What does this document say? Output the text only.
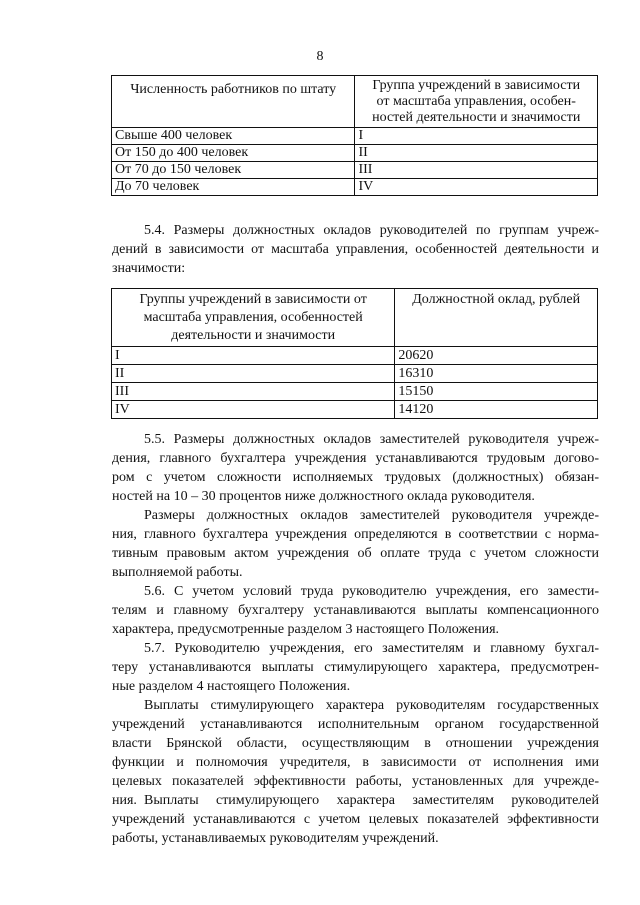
8
Численность работников по штату	Группа учреждений в зависимости
от масштаба управления, особен-
ностей деятельности и значимости

Свыше 400 человек	I
От 150 до 400 человек	II
От 70 до 150 человек	III
До 70 человек	IV
5.4. Размеры должностных окладов руководителей по группам учреж-
дений в зависимости от масштаба управления, особенностей деятельности и
значимости:
Группы учреждений в зависимости от
масштаба управления, особенностей
деятельности и значимости	Должностной оклад, рублей
I	20620
II	16310
III	15150
IV	14120
5.5. Размеры должностных окладов заместителей руководителя учреж-
дения, главного бухгалтера учреждения устанавливаются трудовым догово-
ром с учетом сложности исполняемых трудовых (должностных) обязан-
ностей на 10 – 30 процентов ниже должностного оклада руководителя.
Размеры должностных окладов заместителей руководителя учрежде-
ния, главного бухгалтера учреждения определяются в соответствии с норма-
тивным правовым актом учреждения об оплате труда с учетом сложности
выполняемой работы.
5.6. С учетом условий труда руководителю учреждения, его замести-
телям и главному бухгалтеру устанавливаются выплаты компенсационного
характера, предусмотренные разделом 3 настоящего Положения.
5.7. Руководителю учреждения, его заместителям и главному бухгал-
теру устанавливаются выплаты стимулирующего характера, предусмотрен-
ные разделом 4 настоящего Положения.
Выплаты стимулирующего характера руководителям государственных
учреждений устанавливаются исполнительным органом государственной
власти Брянской области, осуществляющим в отношении учреждения
функции и полномочия учредителя, в зависимости от исполнения ими
целевых показателей эффективности работы, установленных для учрежде-
ния. Выплаты стимулирующего характера заместителям руководителей
учреждений устанавливаются с учетом целевых показателей эффективности
работы, устанавливаемых руководителям учреждений.
